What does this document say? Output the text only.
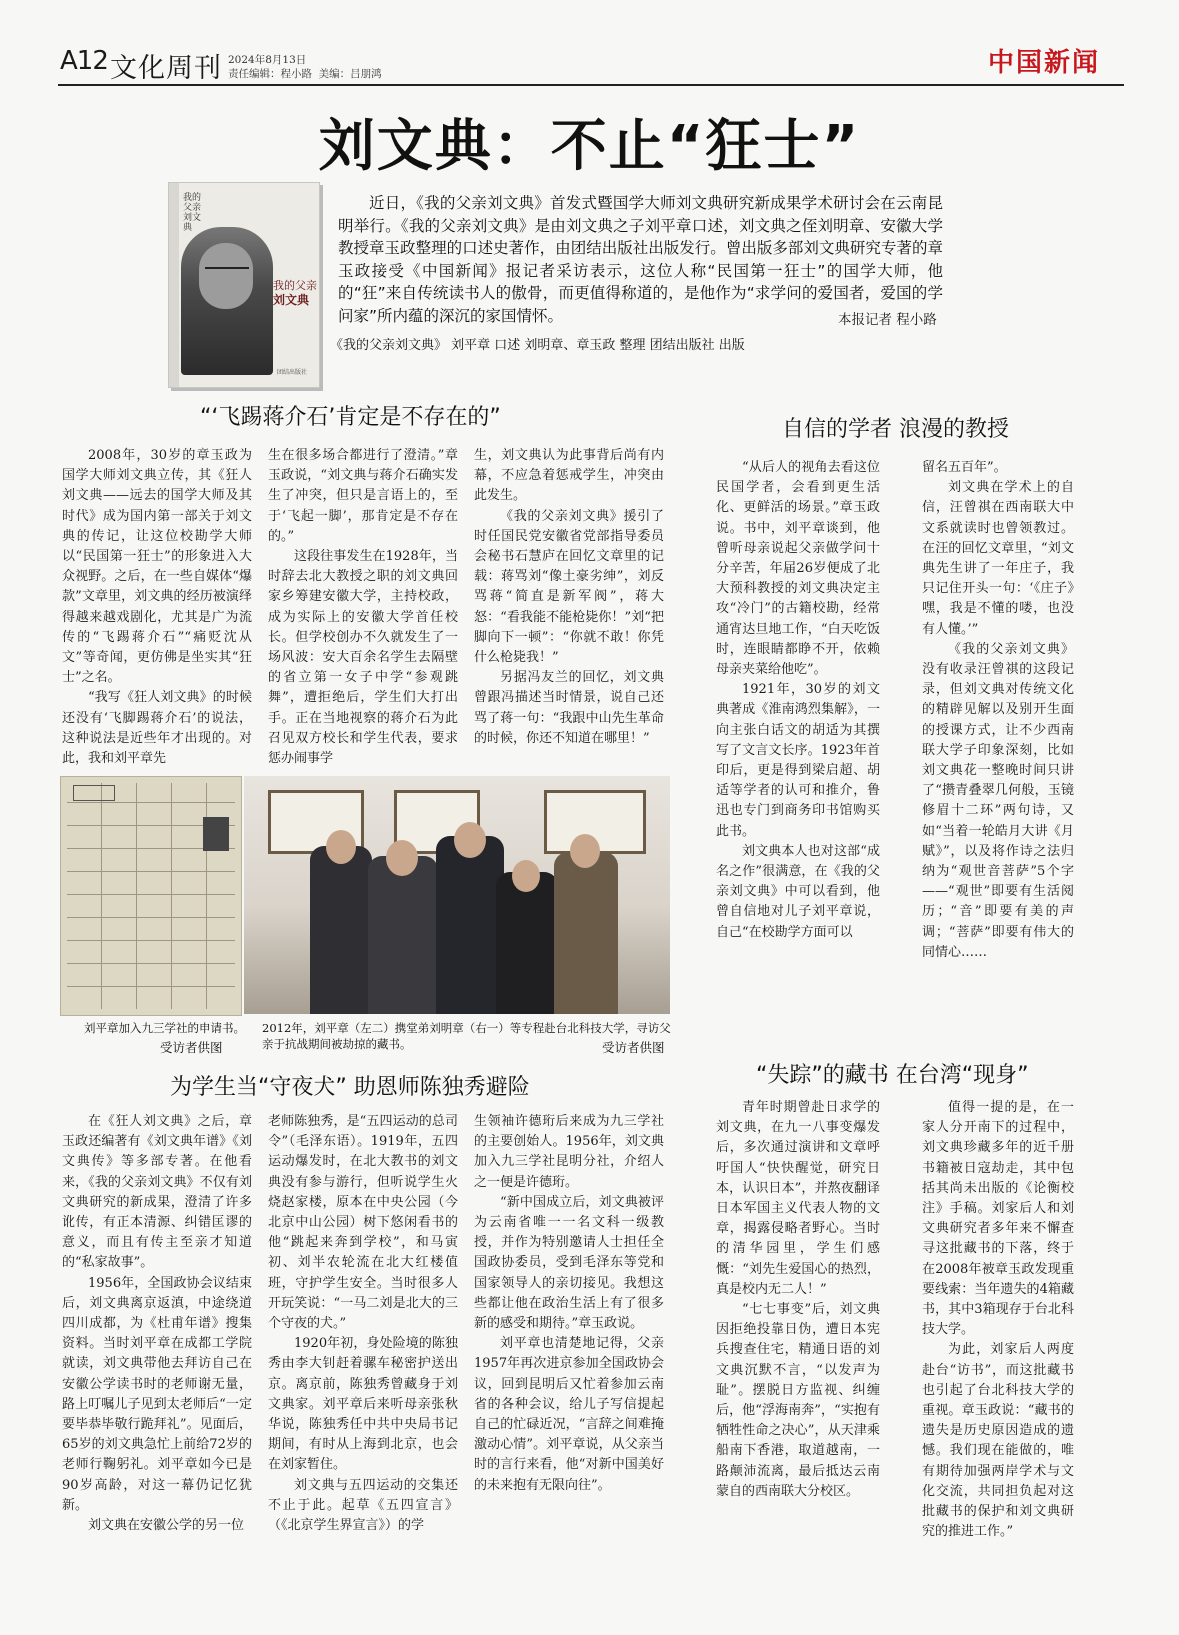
A12 文化周刊 2024年8月13日
责任编辑：程小路  美编：吕朋鸿	中国新闻
刘文典：不止“狂士”
我的父亲刘文典
我的父亲
刘文典
团结出版社
近日，《我的父亲刘文典》首发式暨国学大师刘文典研究新成果学术研讨会在云南昆明举行。《我的父亲刘文典》是由刘文典之子刘平章口述，刘文典之侄刘明章、安徽大学教授章玉政整理的口述史著作，由团结出版社出版发行。曾出版多部刘文典研究专著的章玉政接受《中国新闻》报记者采访表示，这位人称“民国第一狂士”的国学大师，他的“狂”来自传统读书人的傲骨，而更值得称道的，是他作为“求学问的爱国者，爱国的学问家”所内蕴的深沉的家国情怀。	本报记者 程小路
《我的父亲刘文典》 刘平章 口述 刘明章、章玉政 整理 团结出版社 出版
“‘飞踢蒋介石’肯定是不存在的”

2008年，30岁的章玉政为国学大师刘文典立传，其《狂人刘文典——远去的国学大师及其时代》成为国内第一部关于刘文典的传记，让这位校勘学大师以“民国第一狂士”的形象进入大众视野。之后，在一些自媒体“爆款”文章里，刘文典的经历被演绎得越来越戏剧化，尤其是广为流传的“飞踢蒋介石”“痛贬沈从文”等奇闻，更仿佛是坐实其“狂士”之名。

“我写《狂人刘文典》的时候还没有‘飞脚踢蒋介石’的说法，这种说法是近些年才出现的。对此，我和刘平章先

生在很多场合都进行了澄清。”章玉政说，“刘文典与蒋介石确实发生了冲突，但只是言语上的，至于‘飞起一脚’，那肯定是不存在的。”

这段往事发生在1928年，当时辞去北大教授之职的刘文典回家乡筹建安徽大学，主持校政，成为实际上的安徽大学首任校长。但学校创办不久就发生了一场风波：安大百余名学生去隔壁的省立第一女子中学“参观跳舞”，遭拒绝后，学生们大打出手。正在当地视察的蒋介石为此召见双方校长和学生代表，要求惩办闹事学

生，刘文典认为此事背后尚有内幕，不应急着惩戒学生，冲突由此发生。

《我的父亲刘文典》援引了时任国民党安徽省党部指导委员会秘书石慧庐在回忆文章里的记载：蒋骂刘“像土豪劣绅”，刘反骂蒋“简直是新军阀”，蒋大怒：“看我能不能枪毙你！”刘“把脚向下一顿”：“你就不敢！你凭什么枪毙我！”

另据冯友兰的回忆，刘文典曾跟冯描述当时情景，说自己还骂了蒋一句：“我跟中山先生革命的时候，你还不知道在哪里！”

自信的学者 浪漫的教授

“从后人的视角去看这位民国学者，会看到更生活化、更鲜活的场景。”章玉政说。书中，刘平章谈到，他曾听母亲说起父亲做学问十分辛苦，年届26岁便成了北大预科教授的刘文典决定主攻“冷门”的古籍校勘，经常通宵达旦地工作，“白天吃饭时，连眼睛都睁不开，依赖母亲夹菜给他吃”。

1921年，30岁的刘文典著成《淮南鸿烈集解》，一向主张白话文的胡适为其撰写了文言文长序。1923年首印后，更是得到梁启超、胡适等学者的认可和推介，鲁迅也专门到商务印书馆购买此书。

刘文典本人也对这部“成名之作”很满意，在《我的父亲刘文典》中可以看到，他曾自信地对儿子刘平章说，自己“在校勘学方面可以

留名五百年”。

刘文典在学术上的自信，汪曾祺在西南联大中文系就读时也曾领教过。在汪的回忆文章里，“刘文典先生讲了一年庄子，我只记住开头一句：‘《庄子》嘿，我是不懂的喽，也没有人懂。’”

《我的父亲刘文典》没有收录汪曾祺的这段记录，但刘文典对传统文化的精辟见解以及别开生面的授课方式，让不少西南联大学子印象深刻，比如刘文典花一整晚时间只讲了“攒青叠翠几何般，玉镜修眉十二环”两句诗，又如“当着一轮皓月大讲《月赋》”，以及将作诗之法归纳为“观世音菩萨”5个字——“观世”即要有生活阅历；“音”即要有美的声调；“菩萨”即要有伟大的同情心……

刘平章加入九三学社的申请书。
受访者供图
2012年，刘平章（左二）携堂弟刘明章（右一）等专程赴台北科技大学，寻访父亲于抗战期间被劫掠的藏书。	受访者供图
为学生当“守夜犬” 助恩师陈独秀避险

在《狂人刘文典》之后，章玉政还编著有《刘文典年谱》《刘文典传》等多部专著。在他看来，《我的父亲刘文典》不仅有刘文典研究的新成果，澄清了许多讹传，有正本清源、纠错匡谬的意义，而且有传主至亲才知道的“私家故事”。

1956年，全国政协会议结束后，刘文典离京返滇，中途绕道四川成都，为《杜甫年谱》搜集资料。当时刘平章在成都工学院就读，刘文典带他去拜访自己在安徽公学读书时的老师谢无量，路上叮嘱儿子见到太老师后“一定要毕恭毕敬行跪拜礼”。见面后，65岁的刘文典急忙上前给72岁的老师行鞠躬礼。刘平章如今已是90岁高龄，对这一幕仍记忆犹新。

刘文典在安徽公学的另一位

老师陈独秀，是“五四运动的总司令”（毛泽东语）。1919年，五四运动爆发时，在北大教书的刘文典没有参与游行，但听说学生火烧赵家楼，原本在中央公园（今北京中山公园）树下悠闲看书的他“跳起来奔到学校”，和马寅初、刘半农轮流在北大红楼值班，守护学生安全。当时很多人开玩笑说：“一马二刘是北大的三个守夜的犬。”

1920年初，身处险境的陈独秀由李大钊赶着骡车秘密护送出京。离京前，陈独秀曾藏身于刘文典家。刘平章后来听母亲张秋华说，陈独秀任中共中央局书记期间，有时从上海到北京，也会在刘家暂住。

刘文典与五四运动的交集还不止于此。起草《五四宣言》（《北京学生界宣言》）的学

生领袖许德珩后来成为九三学社的主要创始人。1956年，刘文典加入九三学社昆明分社，介绍人之一便是许德珩。

“新中国成立后，刘文典被评为云南省唯一一名文科一级教授，并作为特别邀请人士担任全国政协委员，受到毛泽东等党和国家领导人的亲切接见。我想这些都让他在政治生活上有了很多新的感受和期待。”章玉政说。

刘平章也清楚地记得，父亲1957年再次进京参加全国政协会议，回到昆明后又忙着参加云南省的各种会议，给儿子写信提起自己的忙碌近况，“言辞之间难掩激动心情”。刘平章说，从父亲当时的言行来看，他“对新中国美好的未来抱有无限向往”。

“失踪”的藏书 在台湾“现身”

青年时期曾赴日求学的刘文典，在九一八事变爆发后，多次通过演讲和文章呼吁国人“快快醒觉，研究日本，认识日本”，并熬夜翻译日本军国主义代表人物的文章，揭露侵略者野心。当时的清华园里，学生们感慨：“刘先生爱国心的热烈，真是校内无二人！”

“七七事变”后，刘文典因拒绝投靠日伪，遭日本宪兵搜查住宅，精通日语的刘文典沉默不言，“以发声为耻”。摆脱日方监视、纠缠后，他“浮海南奔”，“实抱有牺牲性命之决心”，从天津乘船南下香港，取道越南，一路颠沛流离，最后抵达云南蒙自的西南联大分校区。

值得一提的是，在一家人分开南下的过程中，刘文典珍藏多年的近千册书籍被日寇劫走，其中包括其尚未出版的《论衡校注》手稿。刘家后人和刘文典研究者多年来不懈查寻这批藏书的下落，终于在2008年被章玉政发现重要线索：当年遗失的4箱藏书，其中3箱现存于台北科技大学。

为此，刘家后人两度赴台“访书”，而这批藏书也引起了台北科技大学的重视。章玉政说：“藏书的遗失是历史原因造成的遗憾。我们现在能做的，唯有期待加强两岸学术与文化交流，共同担负起对这批藏书的保护和刘文典研究的推进工作。”
